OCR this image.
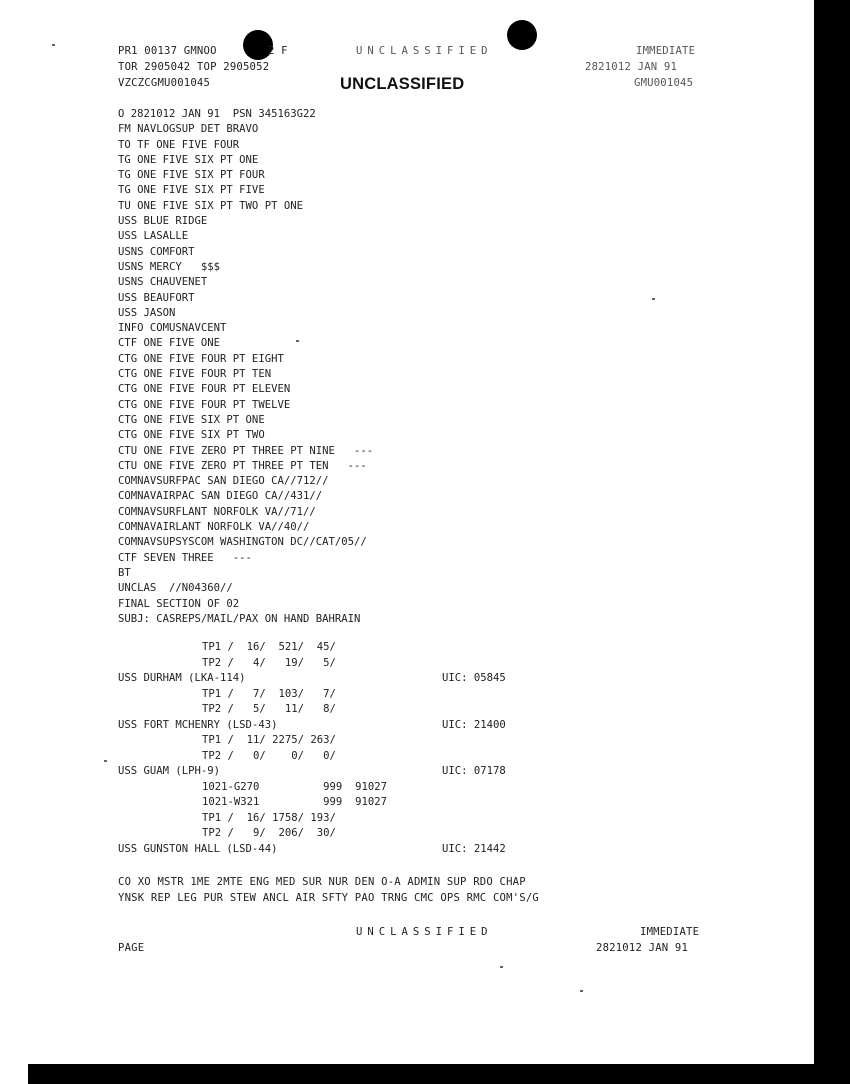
PR1 00137 GMNOO	2 F	UNCLASSIFIED	IMMEDIATE

TOR 2905042 TOP 2905052	2821012 JAN 91

VZCZCGMU001045	GMU001045

UNCLASSIFIED

O 2821012 JAN 91  PSN 345163G22
FM NAVLOGSUP DET BRAVO
TO TF ONE FIVE FOUR
TG ONE FIVE SIX PT ONE
TG ONE FIVE SIX PT FOUR
TG ONE FIVE SIX PT FIVE
TU ONE FIVE SIX PT TWO PT ONE
USS BLUE RIDGE
USS LASALLE
USNS COMFORT
USNS MERCY   $$$
USNS CHAUVENET
USS BEAUFORT
USS JASON
INFO COMUSNAVCENT
CTF ONE FIVE ONE
CTG ONE FIVE FOUR PT EIGHT
CTG ONE FIVE FOUR PT TEN
CTG ONE FIVE FOUR PT ELEVEN
CTG ONE FIVE FOUR PT TWELVE
CTG ONE FIVE SIX PT ONE
CTG ONE FIVE SIX PT TWO
CTU ONE FIVE ZERO PT THREE PT NINE   ---
CTU ONE FIVE ZERO PT THREE PT TEN   ---
COMNAVSURFPAC SAN DIEGO CA//712//
COMNAVAIRPAC SAN DIEGO CA//431//
COMNAVSURFLANT NORFOLK VA//71//
COMNAVAIRLANT NORFOLK VA//40//
COMNAVSUPSYSCOM WASHINGTON DC//CAT/05//
CTF SEVEN THREE   ---
BT
UNCLAS  //N04360//
FINAL SECTION OF 02
SUBJ: CASREPS/MAIL/PAX ON HAND BAHRAIN
TP1 /  16/  521/  45/
TP2 /   4/   19/   5/
USS DURHAM (LKA-114)	UIC: 05845
TP1 /   7/  103/   7/
TP2 /   5/   11/   8/
USS FORT MCHENRY (LSD-43)	UIC: 21400
TP1 /  11/ 2275/ 263/
TP2 /   0/    0/   0/
USS GUAM (LPH-9)	UIC: 07178
1021-G270          999  91027
1021-W321          999  91027
TP1 /  16/ 1758/ 193/
TP2 /   9/  206/  30/
USS GUNSTON HALL (LSD-44)	UIC: 21442

CO XO MSTR 1ME 2MTE ENG MED SUR NUR DEN O-A ADMIN SUP RDO CHAP

YNSK REP LEG PUR STEW ANCL AIR SFTY PAO TRNG CMC OPS RMC COM'S/G

UNCLASSIFIED	IMMEDIATE

PAGE	2821012 JAN 91
